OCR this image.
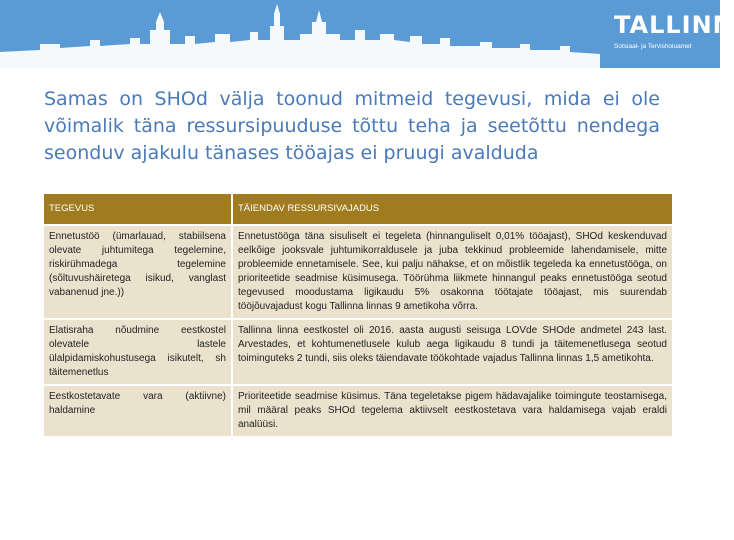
TALLINN
Sotsiaal- ja Tervishoiuamet
Samas on SHOd välja toonud mitmeid tegevusi, mida ei ole võimalik täna ressursipuuduse tõttu teha ja seetõttu nendega seonduv ajakulu tänases tööajas ei pruugi avalduda
TEGEVUS	TÄIENDAV RESSURSIVAJADUS
Ennetustöö (ümarlauad, stabiilsena olevate juhtumitega tegelemine, riskirühmadega tegelemine (sõltuvushäiretega isikud, vanglast vabanenud jne.))	Ennetustööga täna sisuliselt ei tegeleta (hinnanguliselt 0,01% tööajast), SHOd keskenduvad eelkõige jooksvale juhtumikorraldusele ja juba tekkinud probleemide lahendamisele, mitte probleemide ennetamisele. See, kui palju nähakse, et on mõistlik tegeleda ka ennetustööga, on prioriteetide seadmise küsimusega. Töörühma liikmete hinnangul peaks ennetustööga seotud tegevused moodustama ligikaudu 5% osakonna töötajate tööajast, mis suurendab tööjõuvajadust kogu Tallinna linnas 9 ametikoha võrra.
Elatisraha nõudmine eestkostel olevatele lastele ülalpidamiskohustusega isikutelt, sh täitemenetlus	Tallinna linna eestkostel oli 2016. aasta augusti seisuga LOVde SHOde andmetel 243 last. Arvestades, et kohtumenetlusele kulub aega ligikaudu 8 tundi ja täitemenetlusega seotud toiminguteks 2 tundi, siis oleks täiendavate töökohtade vajadus Tallinna linnas 1,5 ametikohta.
Eestkostetavate vara (aktiivne) haldamine	Prioriteetide seadmise küsimus. Täna tegeletakse pigem hädavajalike toimingute teostamisega, mil määral peaks SHOd tegelema aktiivselt eestkostetava vara haldamisega vajab eraldi analüüsi.
